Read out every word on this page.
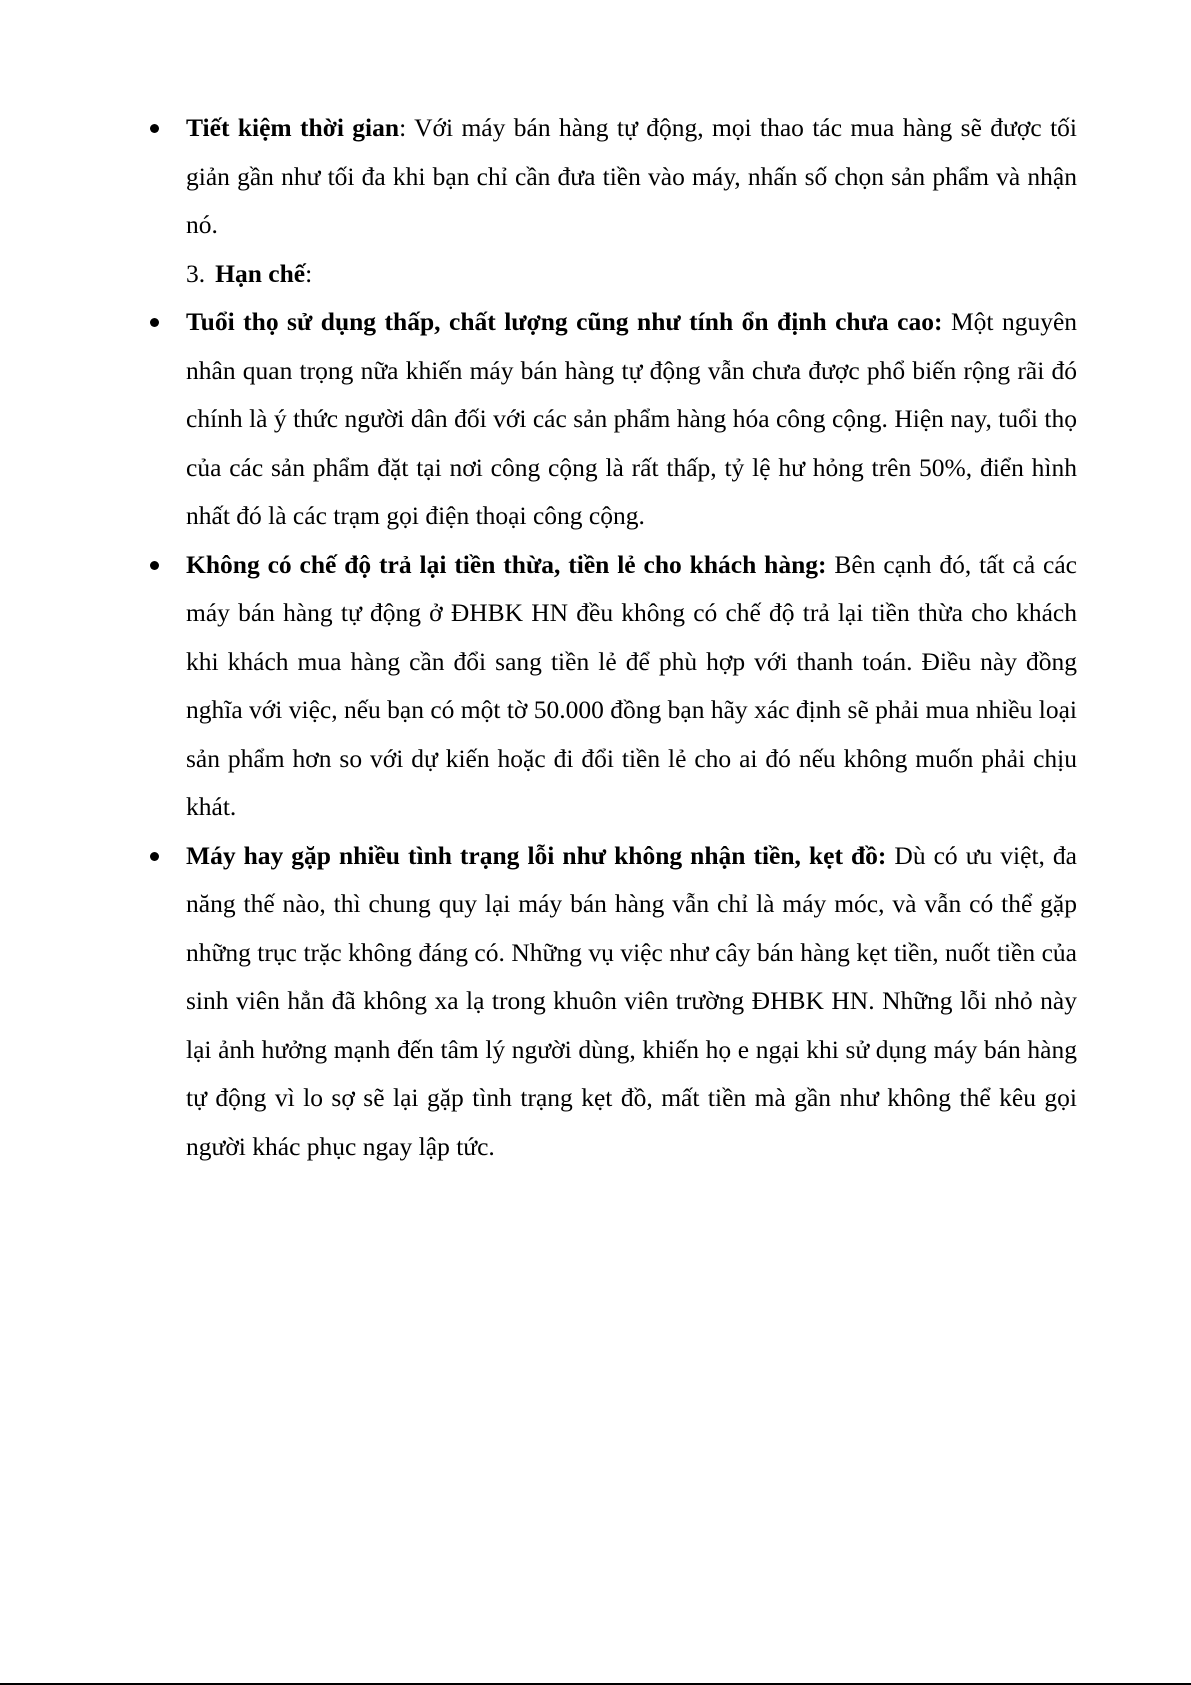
Tiết kiệm thời gian: Với máy bán hàng tự động, mọi thao tác mua hàng sẽ được tối giản gần như tối đa khi bạn chỉ cần đưa tiền vào máy, nhấn số chọn sản phẩm và nhận nó.
3. Hạn chế:
Tuổi thọ sử dụng thấp, chất lượng cũng như tính ổn định chưa cao: Một nguyên nhân quan trọng nữa khiến máy bán hàng tự động vẫn chưa được phổ biến rộng rãi đó chính là ý thức người dân đối với các sản phẩm hàng hóa công cộng. Hiện nay, tuổi thọ của các sản phẩm đặt tại nơi công cộng là rất thấp, tỷ lệ hư hỏng trên 50%, điển hình nhất đó là các trạm gọi điện thoại công cộng.
Không có chế độ trả lại tiền thừa, tiền lẻ cho khách hàng: Bên cạnh đó, tất cả các máy bán hàng tự động ở ĐHBK HN đều không có chế độ trả lại tiền thừa cho khách khi khách mua hàng cần đổi sang tiền lẻ để phù hợp với thanh toán. Điều này đồng nghĩa với việc, nếu bạn có một tờ 50.000 đồng bạn hãy xác định sẽ phải mua nhiều loại sản phẩm hơn so với dự kiến hoặc đi đổi tiền lẻ cho ai đó nếu không muốn phải chịu khát.
Máy hay gặp nhiều tình trạng lỗi như không nhận tiền, kẹt đồ: Dù có ưu việt, đa năng thế nào, thì chung quy lại máy bán hàng vẫn chỉ là máy móc, và vẫn có thể gặp những trục trặc không đáng có. Những vụ việc như cây bán hàng kẹt tiền, nuốt tiền của sinh viên hẳn đã không xa lạ trong khuôn viên trường ĐHBK HN. Những lỗi nhỏ này lại ảnh hưởng mạnh đến tâm lý người dùng, khiến họ e ngại khi sử dụng máy bán hàng tự động vì lo sợ sẽ lại gặp tình trạng kẹt đồ, mất tiền mà gần như không thể kêu gọi người khác phục ngay lập tức.
